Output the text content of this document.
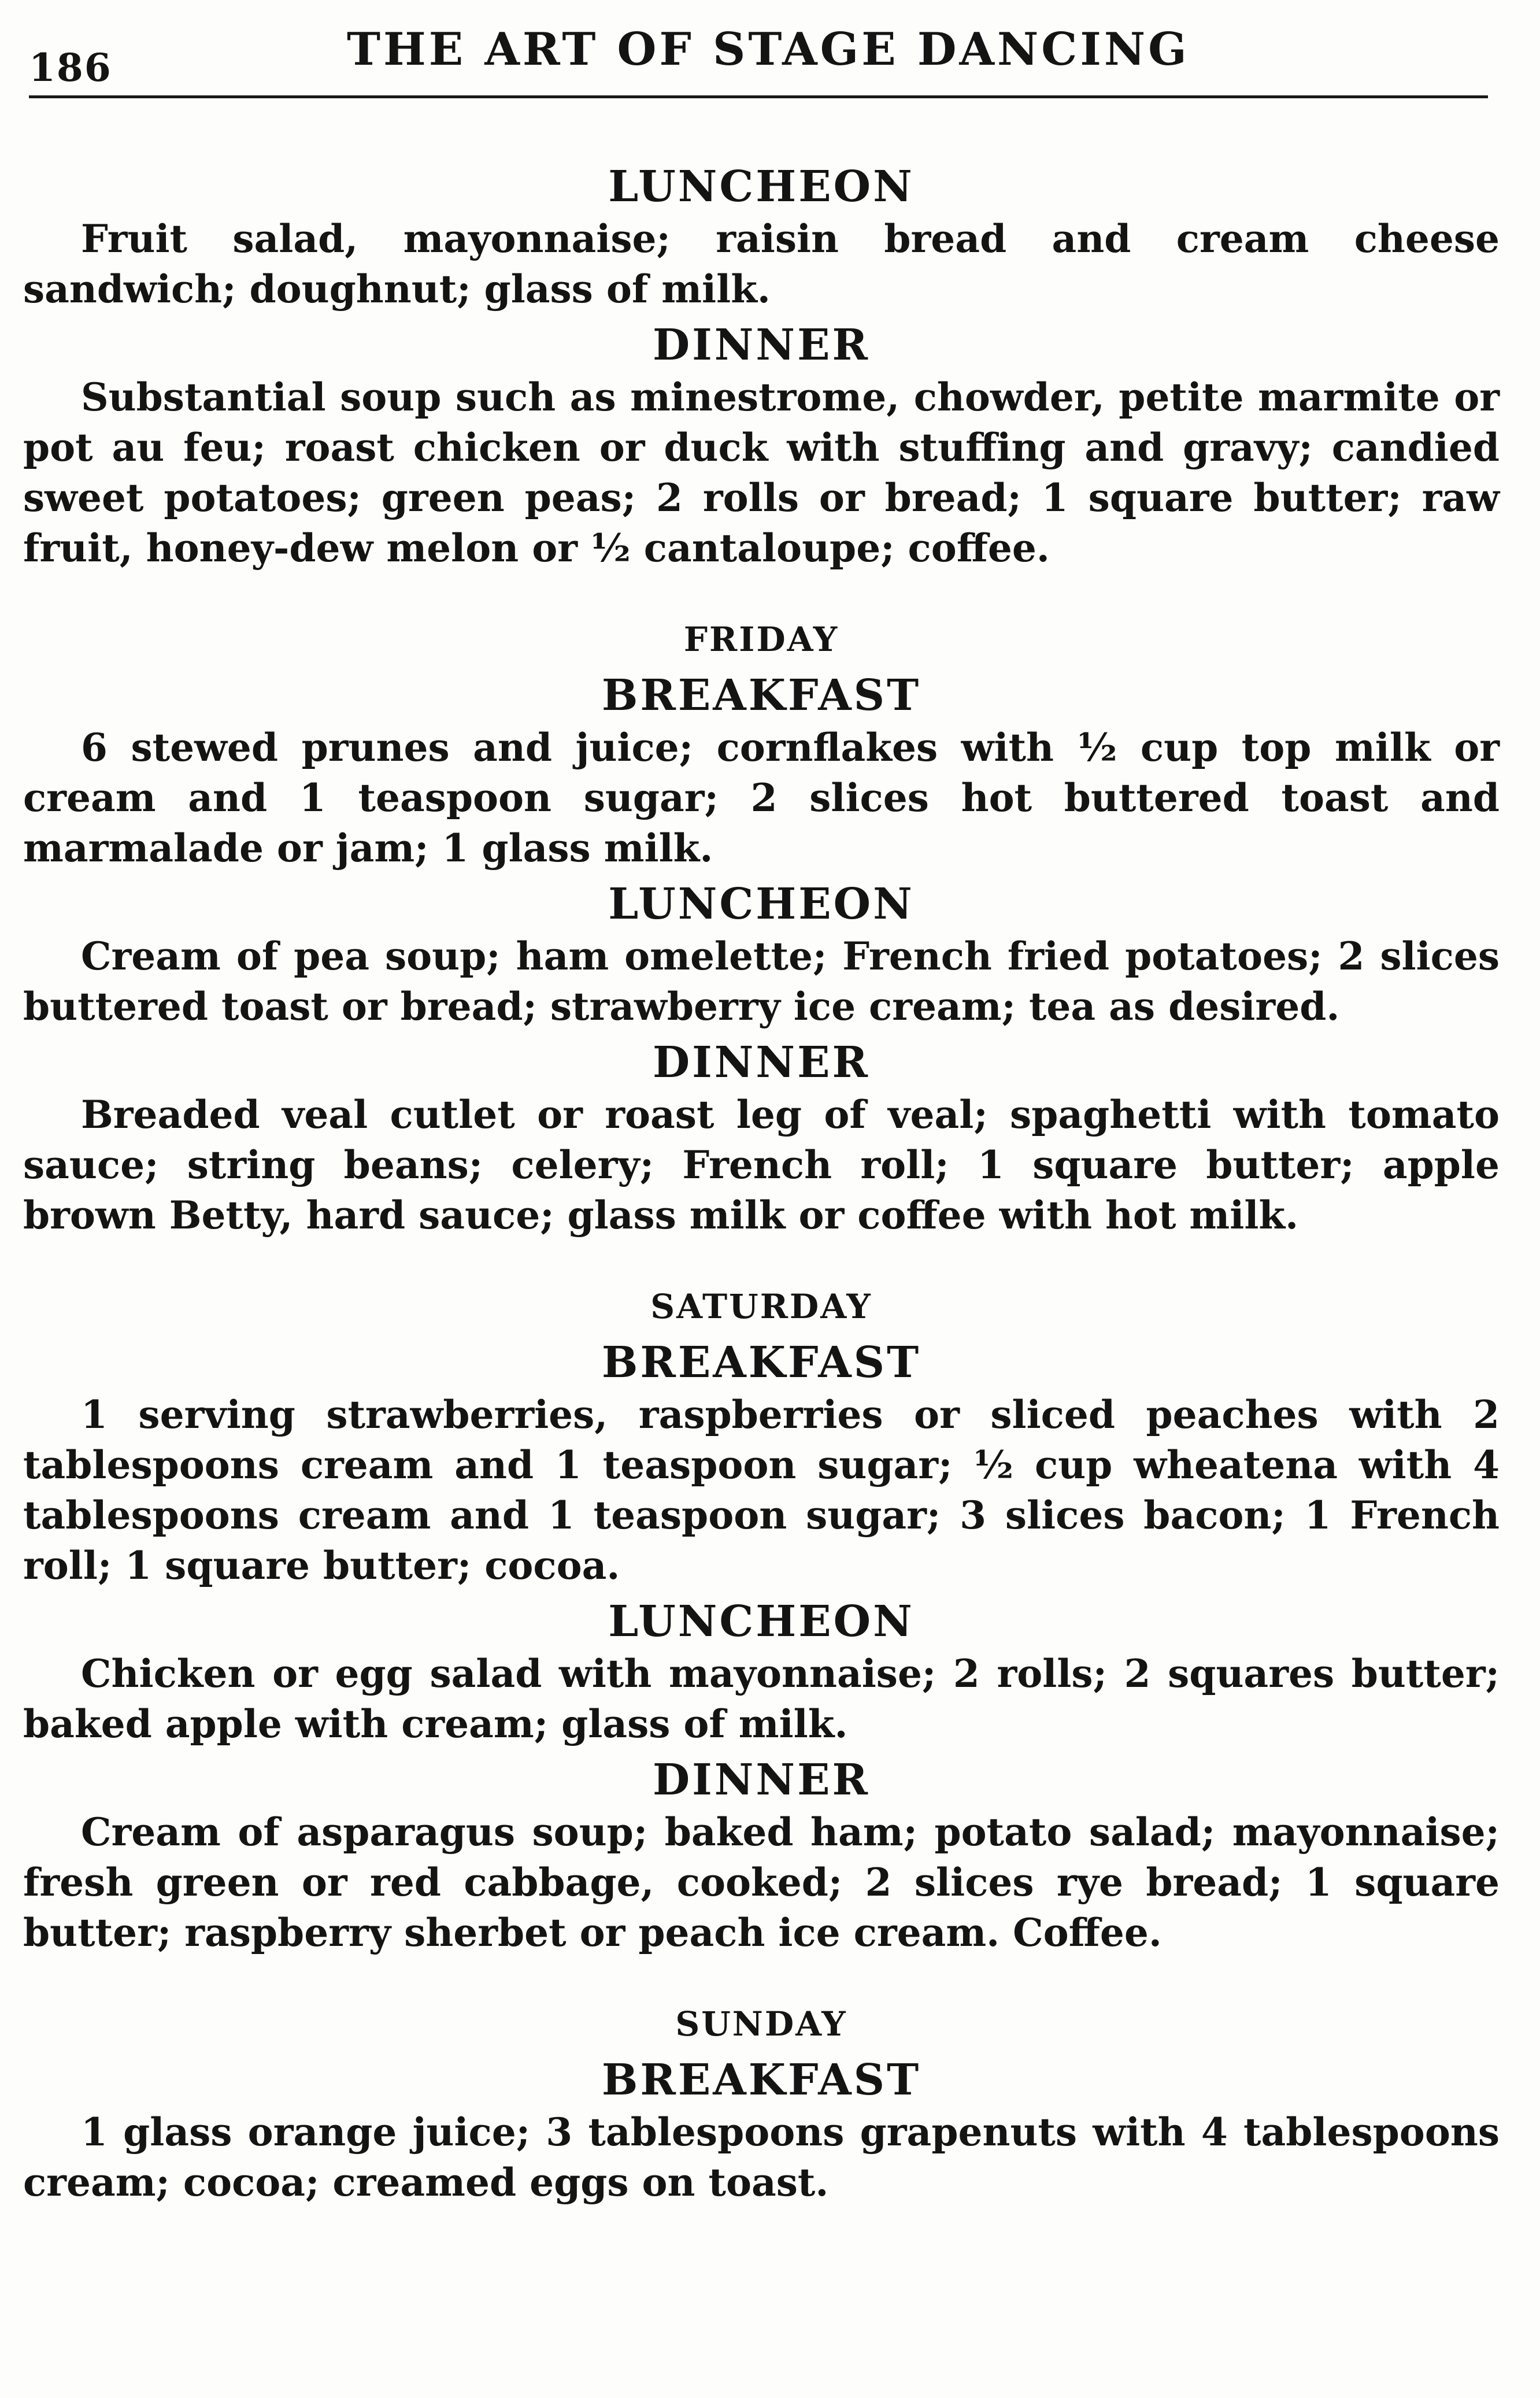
186	THE ART OF STAGE DANCING
LUNCHEON

Fruit salad, mayonnaise; raisin bread and cream cheese sandwich; doughnut; glass of milk.

DINNER

Substantial soup such as minestrome, chowder, petite marmite or pot au feu; roast chicken or duck with stuffing and gravy; candied sweet potatoes; green peas; 2 rolls or bread; 1 square butter; raw fruit, honey-dew melon or ½ cantaloupe; coffee.

FRIDAY
BREAKFAST

6 stewed prunes and juice; cornflakes with ½ cup top milk or cream and 1 teaspoon sugar; 2 slices hot buttered toast and marmalade or jam; 1 glass milk.

LUNCHEON

Cream of pea soup; ham omelette; French fried potatoes; 2 slices buttered toast or bread; strawberry ice cream; tea as desired.

DINNER

Breaded veal cutlet or roast leg of veal; spaghetti with tomato sauce; string beans; celery; French roll; 1 square butter; apple brown Betty, hard sauce; glass milk or coffee with hot milk.

SATURDAY
BREAKFAST

1 serving strawberries, raspberries or sliced peaches with 2 tablespoons cream and 1 teaspoon sugar; ½ cup wheatena with 4 tablespoons cream and 1 teaspoon sugar; 3 slices bacon; 1 French roll; 1 square butter; cocoa.

LUNCHEON

Chicken or egg salad with mayonnaise; 2 rolls; 2 squares butter; baked apple with cream; glass of milk.

DINNER

Cream of asparagus soup; baked ham; potato salad; mayonnaise; fresh green or red cabbage, cooked; 2 slices rye bread; 1 square butter; raspberry sherbet or peach ice cream. Coffee.

SUNDAY
BREAKFAST

1 glass orange juice; 3 tablespoons grapenuts with 4 tablespoons cream; cocoa; creamed eggs on toast.
